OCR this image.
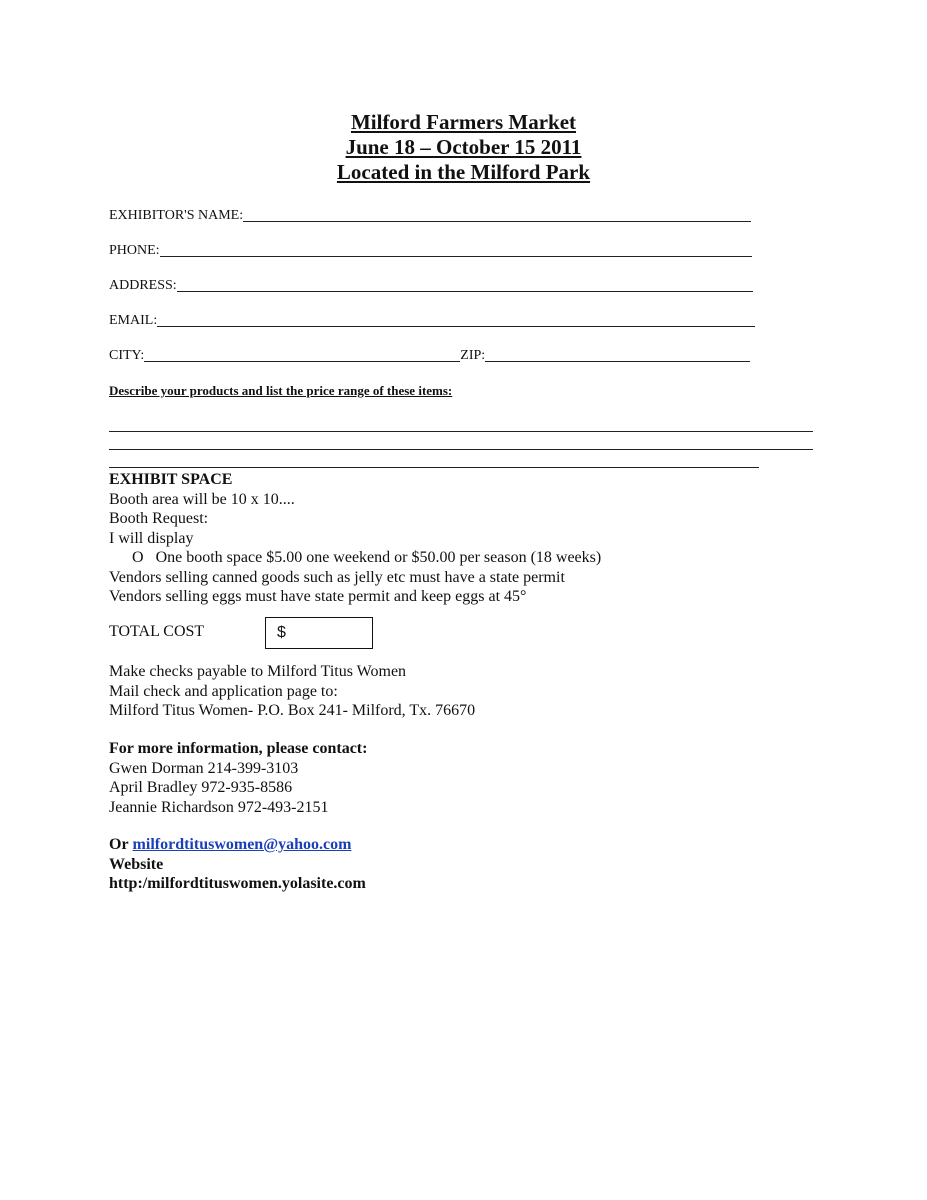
Milford Farmers Market
June 18 – October 15 2011
Located in the Milford Park
EXHIBITOR'S NAME:
PHONE:
ADDRESS:
EMAIL:
CITY:	ZIP:
Describe your products and list the price range of these items:
EXHIBIT SPACE
Booth area will be 10 x 10....
Booth Request:
I will display
O One booth space $5.00 one weekend or $50.00 per season (18 weeks)
Vendors selling canned goods such as jelly etc must have a state permit
Vendors selling eggs must have state permit and keep eggs at 45°
TOTAL COST	$
Make checks payable to Milford Titus Women
Mail check and application page to:
Milford Titus Women- P.O. Box 241- Milford, Tx. 76670
For more information, please contact:
Gwen Dorman 214-399-3103
April Bradley 972-935-8586
Jeannie Richardson 972-493-2151
Or milfordtituswomen@yahoo.com
Website
http:/milfordtituswomen.yolasite.com
